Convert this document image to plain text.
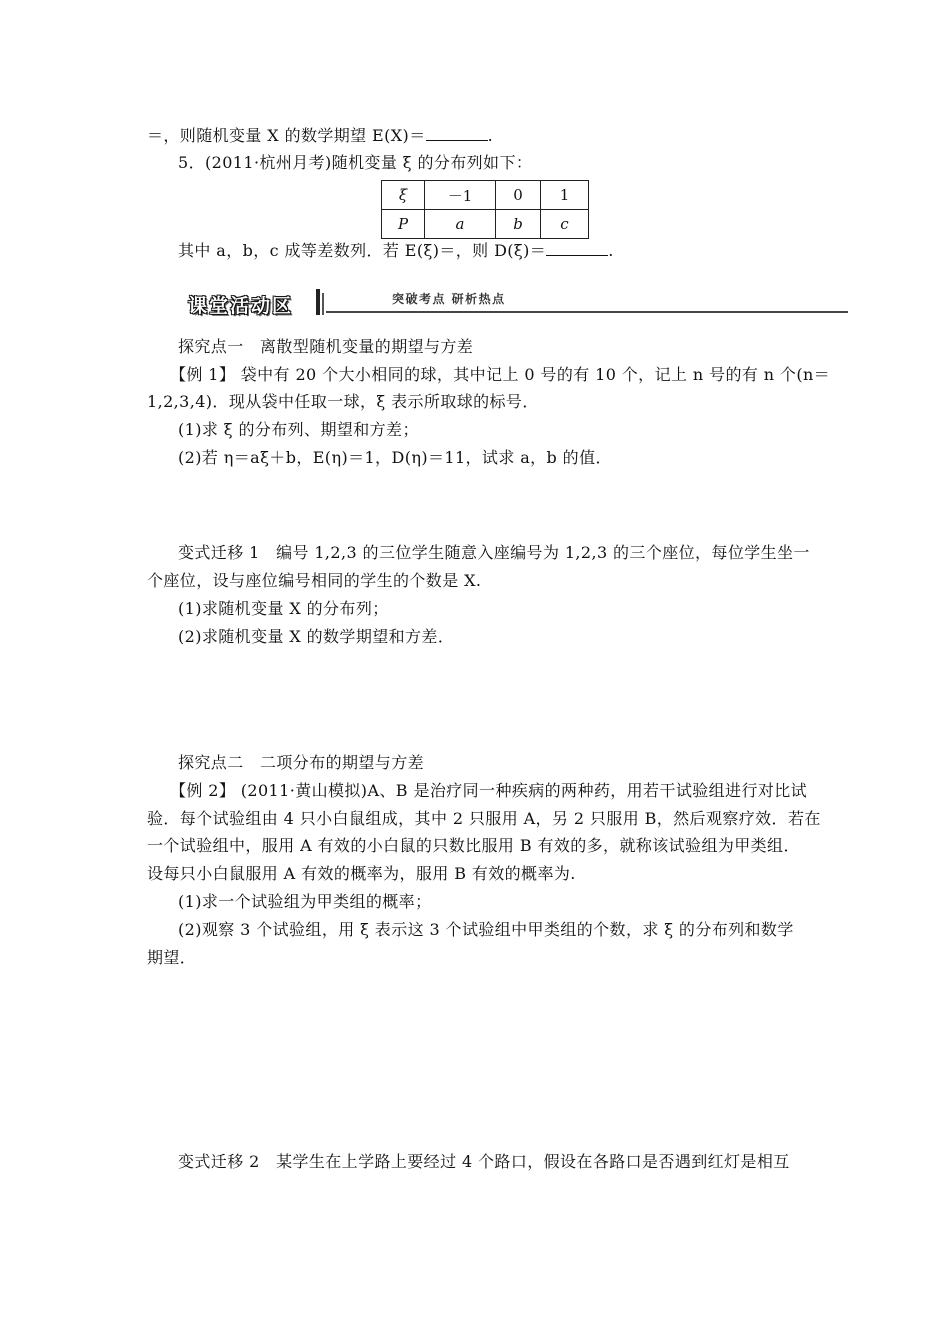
＝，则随机变量 X 的数学期望 E(X)＝	.
5．(2011·杭州月考)随机变量 ξ 的分布列如下：
ξ	－1	0	1
P	a	b	c
其中 a，b，c 成等差数列．若 E(ξ)＝，则 D(ξ)＝	.
课堂活动区	突破考点 研析热点
探究点一　离散型随机变量的期望与方差
【例 1】 袋中有 20 个大小相同的球，其中记上 0 号的有 10 个，记上 n 号的有 n 个(n＝
1,2,3,4)．现从袋中任取一球，ξ 表示所取球的标号．
(1)求 ξ 的分布列、期望和方差；
(2)若 η＝aξ＋b，E(η)＝1，D(η)＝11，试求 a，b 的值．
变式迁移 1　编号 1,2,3 的三位学生随意入座编号为 1,2,3 的三个座位，每位学生坐一
个座位，设与座位编号相同的学生的个数是 X.
(1)求随机变量 X 的分布列；
(2)求随机变量 X 的数学期望和方差．
探究点二　二项分布的期望与方差
【例 2】 (2011·黄山模拟)A、B 是治疗同一种疾病的两种药，用若干试验组进行对比试
验．每个试验组由 4 只小白鼠组成，其中 2 只服用 A，另 2 只服用 B，然后观察疗效．若在
一个试验组中，服用 A 有效的小白鼠的只数比服用 B 有效的多，就称该试验组为甲类组．
设每只小白鼠服用 A 有效的概率为，服用 B 有效的概率为.
(1)求一个试验组为甲类组的概率；
(2)观察 3 个试验组，用 ξ 表示这 3 个试验组中甲类组的个数，求 ξ 的分布列和数学
期望．
变式迁移 2　某学生在上学路上要经过 4 个路口，假设在各路口是否遇到红灯是相互
